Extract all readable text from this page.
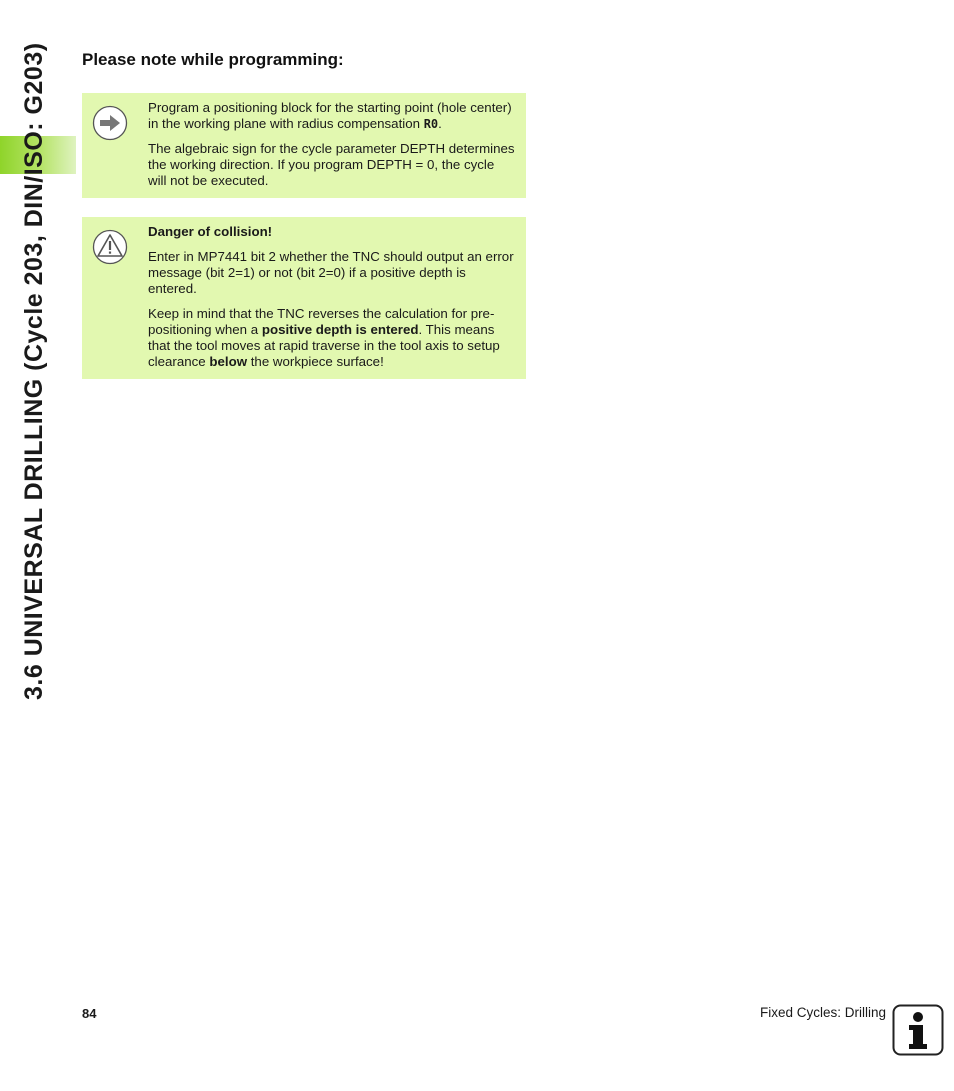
3.6 UNIVERSAL DRILLING (Cycle 203, DIN/ISO: G203) Please note while programming:

Program a positioning block for the starting point (hole center) in the working plane with radius compensation R0.

The algebraic sign for the cycle parameter DEPTH determines the working direction. If you program DEPTH = 0, the cycle will not be executed.

Danger of collision!

Enter in MP7441 bit 2 whether the TNC should output an error message (bit 2=1) or not (bit 2=0) if a positive depth is entered.

Keep in mind that the TNC reverses the calculation for pre-positioning when a positive depth is entered. This means that the tool moves at rapid traverse in the tool axis to setup clearance below the workpiece surface!

84	Fixed Cycles: Drilling
